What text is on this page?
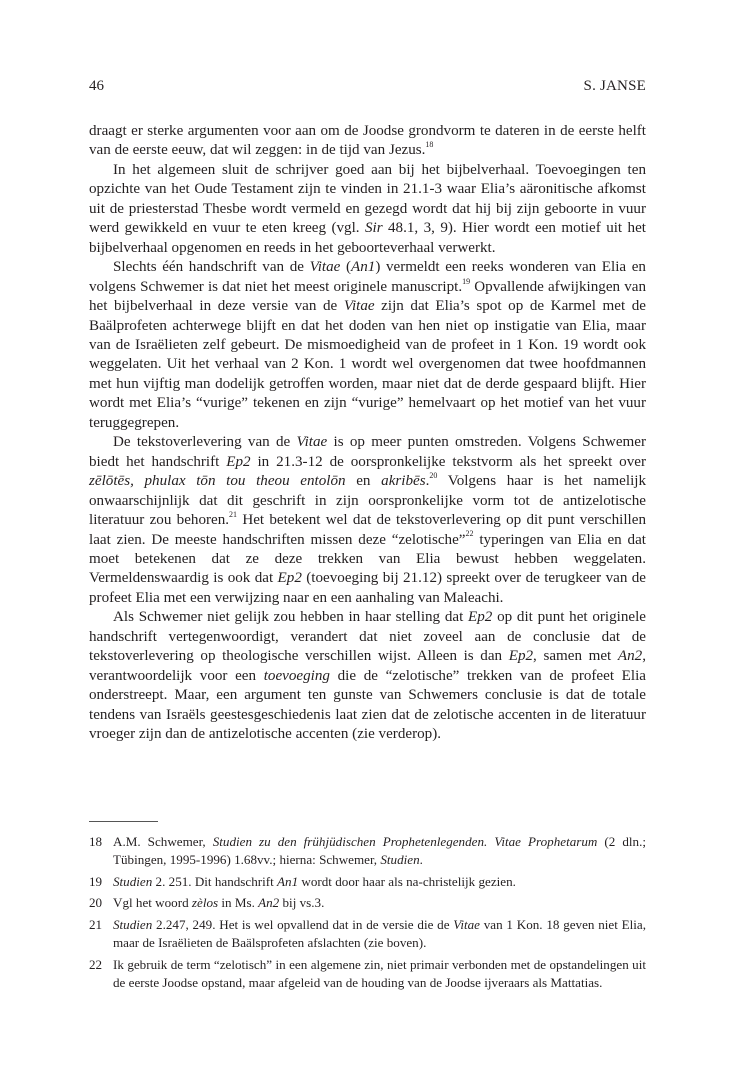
46	S. JANSE

draagt er sterke argumenten voor aan om de Joodse grondvorm te dateren in de eerste helft van de eerste eeuw, dat wil zeggen: in de tijd van Jezus.$^{18}$

In het algemeen sluit de schrijver goed aan bij het bijbelverhaal. Toevoegingen ten opzichte van het Oude Testament zijn te vinden in 21.1-3 waar Elia’s aäronitische afkomst uit de priesterstad Thesbe wordt vermeld en gezegd wordt dat hij bij zijn geboorte in vuur werd gewikkeld en vuur te eten kreeg (vgl. Sir 48.1, 3, 9). Hier wordt een motief uit het bijbelverhaal opgenomen en reeds in het geboorteverhaal verwerkt.

Slechts één handschrift van de Vitae (An1) vermeldt een reeks wonderen van Elia en volgens Schwemer is dat niet het meest originele manuscript.$^{19}$ Opvallende afwijkingen van het bijbelverhaal in deze versie van de Vitae zijn dat Elia’s spot op de Karmel met de Baälprofeten achterwege blijft en dat het doden van hen niet op instigatie van Elia, maar van de Israëlieten zelf gebeurt. De mismoedigheid van de profeet in 1 Kon. 19 wordt ook weggelaten. Uit het verhaal van 2 Kon. 1 wordt wel overgenomen dat twee hoofdmannen met hun vijftig man dodelijk getroffen worden, maar niet dat de derde gespaard blijft. Hier wordt met Elia’s “vurige” tekenen en zijn “vurige” hemelvaart op het motief van het vuur teruggegrepen.

De tekstoverlevering van de Vitae is op meer punten omstreden. Volgens Schwemer biedt het handschrift Ep2 in 21.3-12 de oorspronkelijke tekstvorm als het spreekt over zēlōtēs, phulax tōn tou theou entolōn en akribēs.$^{20}$ Volgens haar is het namelijk onwaarschijnlijk dat dit geschrift in zijn oorspronkelijke vorm tot de antizelotische literatuur zou behoren.$^{21}$ Het betekent wel dat de tekstoverlevering op dit punt verschillen laat zien. De meeste handschriften missen deze “zelotische”$^{22}$ typeringen van Elia en dat moet betekenen dat ze deze trekken van Elia bewust hebben weggelaten. Vermeldenswaardig is ook dat Ep2 (toevoeging bij 21.12) spreekt over de terugkeer van de profeet Elia met een verwijzing naar en een aanhaling van Maleachi.

Als Schwemer niet gelijk zou hebben in haar stelling dat Ep2 op dit punt het originele handschrift vertegenwoordigt, verandert dat niet zoveel aan de conclusie dat de tekstoverlevering op theologische verschillen wijst. Alleen is dan Ep2, samen met An2, verantwoordelijk voor een toevoeging die de “zelotische” trekken van de profeet Elia onderstreept. Maar, een argument ten gunste van Schwemers conclusie is dat de totale tendens van Israëls geestesgeschiedenis laat zien dat de zelotische accenten in de literatuur vroeger zijn dan de antizelotische accenten (zie verderop).

18 A.M. Schwemer, Studien zu den frühjüdischen Prophetenlegenden. Vitae Prophetarum (2 dln.; Tübingen, 1995-1996) 1.68vv.; hierna: Schwemer, Studien.
19 Studien 2. 251. Dit handschrift An1 wordt door haar als na-christelijk gezien.
20 Vgl het woord zèlos in Ms. An2 bij vs.3.
21 Studien 2.247, 249. Het is wel opvallend dat in de versie die de Vitae van 1 Kon. 18 geven niet Elia, maar de Israëlieten de Baälsprofeten afslachten (zie boven).
22 Ik gebruik de term “zelotisch” in een algemene zin, niet primair verbonden met de opstandelingen uit de eerste Joodse opstand, maar afgeleid van de houding van de Joodse ijveraars als Mattatias.
